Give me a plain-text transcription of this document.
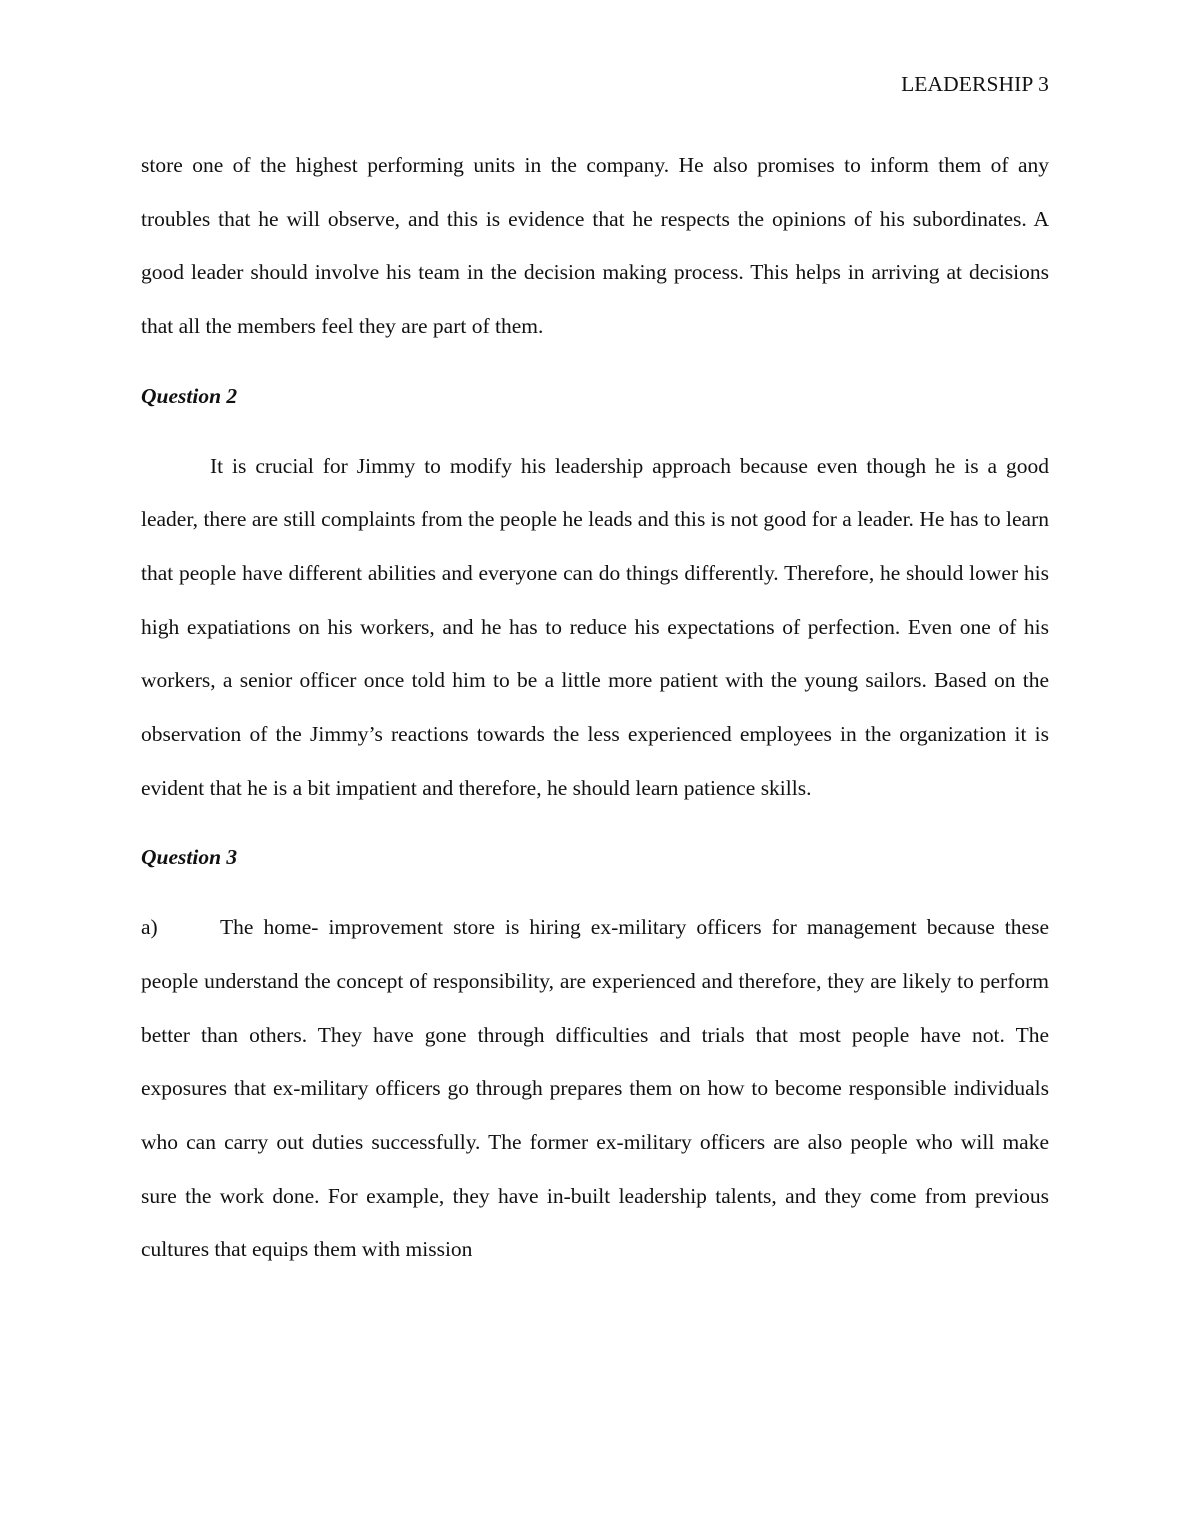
LEADERSHIP 3

store one of the highest performing units in the company. He also promises to inform them of any troubles that he will observe, and this is evidence that he respects the opinions of his subordinates. A good leader should involve his team in the decision making process. This helps in arriving at decisions that all the members feel they are part of them.

Question 2

It is crucial for Jimmy to modify his leadership approach because even though he is a good leader, there are still complaints from the people he leads and this is not good for a leader. He has to learn that people have different abilities and everyone can do things differently. Therefore, he should lower his high expatiations on his workers, and he has to reduce his expectations of perfection. Even one of his workers, a senior officer once told him to be a little more patient with the young sailors. Based on the observation of the Jimmy’s reactions towards the less experienced employees in the organization it is evident that he is a bit impatient and therefore, he should learn patience skills.

Question 3

a)	The home- improvement store is hiring ex-military officers for management because these people understand the concept of responsibility, are experienced and therefore, they are likely to perform better than others. They have gone through difficulties and trials that most people have not. The exposures that ex-military officers go through prepares them on how to become responsible individuals who can carry out duties successfully. The former ex-military officers are also people who will make sure the work done. For example, they have in-built leadership talents, and they come from previous cultures that equips them with mission
